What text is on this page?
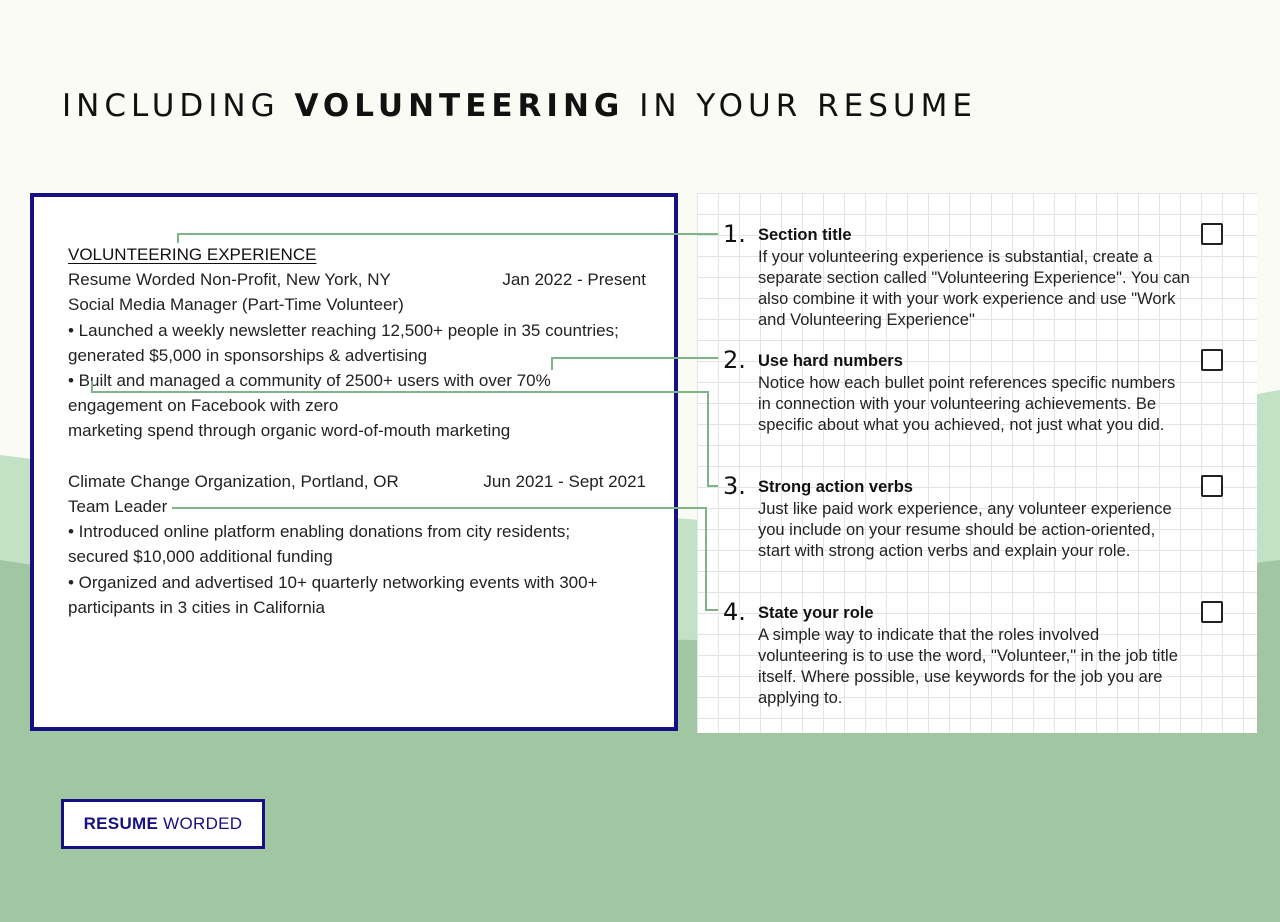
INCLUDING VOLUNTEERING IN YOUR RESUME
VOLUNTEERING EXPERIENCE
Resume Worded Non-Profit, New York, NY	Jan 2022 - Present
Social Media Manager (Part-Time Volunteer)
• Launched a weekly newsletter reaching 12,500+ people in 35 countries;
generated $5,000 in sponsorships & advertising
• Built and managed a community of 2500+ users with over 70%
engagement on Facebook with zero
marketing spend through organic word-of-mouth marketing
Climate Change Organization, Portland, OR	Jun 2021 - Sept 2021
Team Leader
• Introduced online platform enabling donations from city residents;
secured $10,000 additional funding
• Organized and advertised 10+ quarterly networking events with 300+
participants in 3 cities in California
1. Section title
If your volunteering experience is substantial, create a separate section called "Volunteering Experience". You can also combine it with your work experience and use "Work and Volunteering Experience"
2. Use hard numbers
Notice how each bullet point references specific numbers in connection with your volunteering achievements. Be specific about what you achieved, not just what you did.
3. Strong action verbs
Just like paid work experience, any volunteer experience you include on your resume should be action-oriented, start with strong action verbs and explain your role.
4. State your role
A simple way to indicate that the roles involved volunteering is to use the word, "Volunteer," in the job title itself. Where possible, use keywords for the job you are applying to.
RESUME WORDED
